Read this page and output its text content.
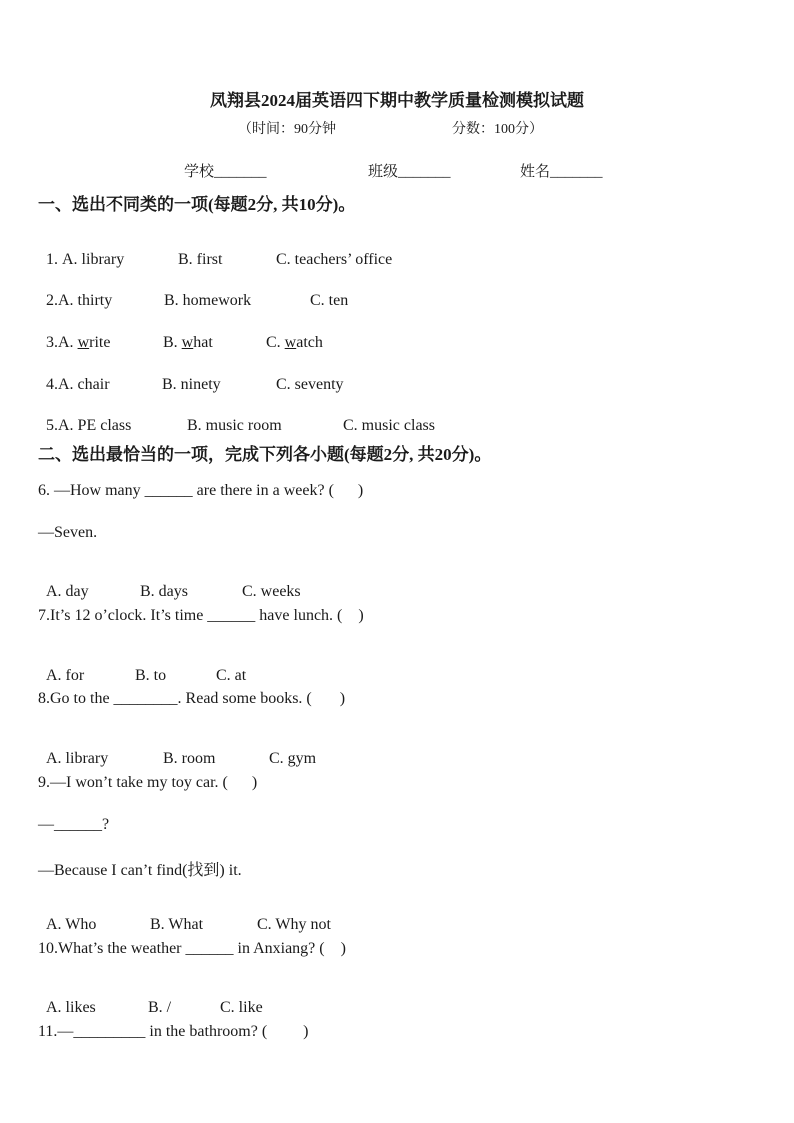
凤翔县2024届英语四下期中教学质量检测模拟试题
（时间：90分钟	分数：100分）
学校_______	班级_______	姓名_______
一、选出不同类的一项(每题2分, 共10分)。

1. A. library	B. first	C. teachers’ office

2.A. thirty	B. homework	C. ten

3.A. write	B. what	C. watch

4.A. chair	B. ninety	C. seventy

5.A. PE class	B. music room	C. music class

二、选出最恰当的一项，完成下列各小题(每题2分, 共20分)。
6. —How many ______ are there in a week? (      )
—Seven.

A. day	B. days	C. weeks

7.It’s 12 o’clock. It’s time ______ have lunch. (    )

A. for	B. to	C. at

8.Go to the ________. Read some books. (       )

A. library	B. room	C. gym

9.—I won’t take my toy car. (      )
—______?
—Because I can’t find(找到) it.

A. Who	B. What	C. Why not

10.What’s the weather ______ in Anxiang? (    )

A. likes	B. /	C. like

11.—_________ in the bathroom? (         )
